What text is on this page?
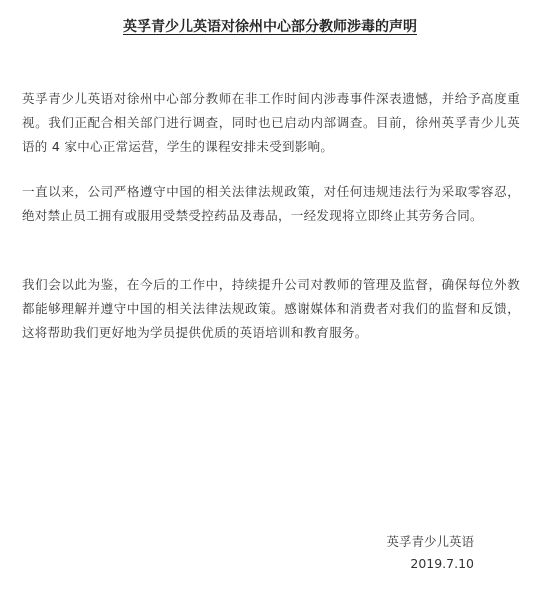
英孚青少儿英语对徐州中心部分教师涉毒的声明

英孚青少儿英语对徐州中心部分教师在非工作时间内涉毒事件深表遗憾，并给予高度重视。我们正配合相关部门进行调查，同时也已启动内部调查。目前，徐州英孚青少儿英语的 4 家中心正常运营，学生的课程安排未受到影响。

一直以来，公司严格遵守中国的相关法律法规政策，对任何违规违法行为采取零容忍，绝对禁止员工拥有或服用受禁受控药品及毒品，一经发现将立即终止其劳务合同。

我们会以此为鉴，在今后的工作中，持续提升公司对教师的管理及监督，确保每位外教都能够理解并遵守中国的相关法律法规政策。感谢媒体和消费者对我们的监督和反馈，这将帮助我们更好地为学员提供优质的英语培训和教育服务。

英孚青少儿英语
2019.7.10
